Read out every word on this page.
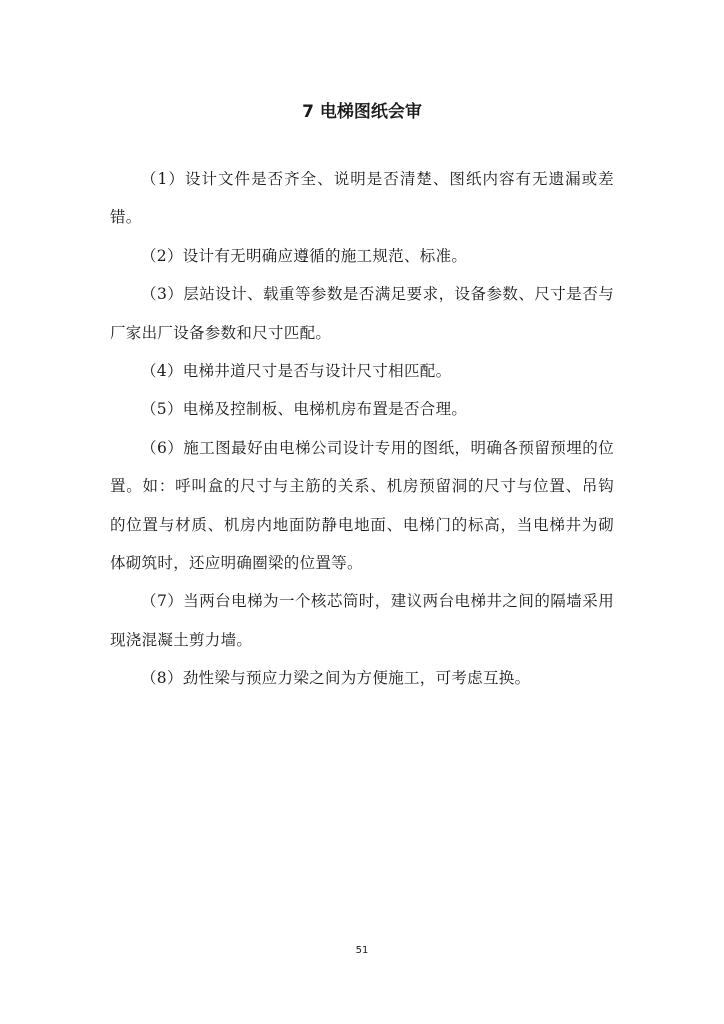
7 电梯图纸会审

（1）设计文件是否齐全、说明是否清楚、图纸内容有无遗漏或差错。

（2）设计有无明确应遵循的施工规范、标准。

（3）层站设计、载重等参数是否满足要求，设备参数、尺寸是否与厂家出厂设备参数和尺寸匹配。

（4）电梯井道尺寸是否与设计尺寸相匹配。

（5）电梯及控制板、电梯机房布置是否合理。

（6）施工图最好由电梯公司设计专用的图纸，明确各预留预埋的位置。如：呼叫盒的尺寸与主筋的关系、机房预留洞的尺寸与位置、吊钩的位置与材质、机房内地面防静电地面、电梯门的标高，当电梯井为砌体砌筑时，还应明确圈梁的位置等。

（7）当两台电梯为一个核芯筒时，建议两台电梯井之间的隔墙采用现浇混凝土剪力墙。

（8）劲性梁与预应力梁之间为方便施工，可考虑互换。

51
